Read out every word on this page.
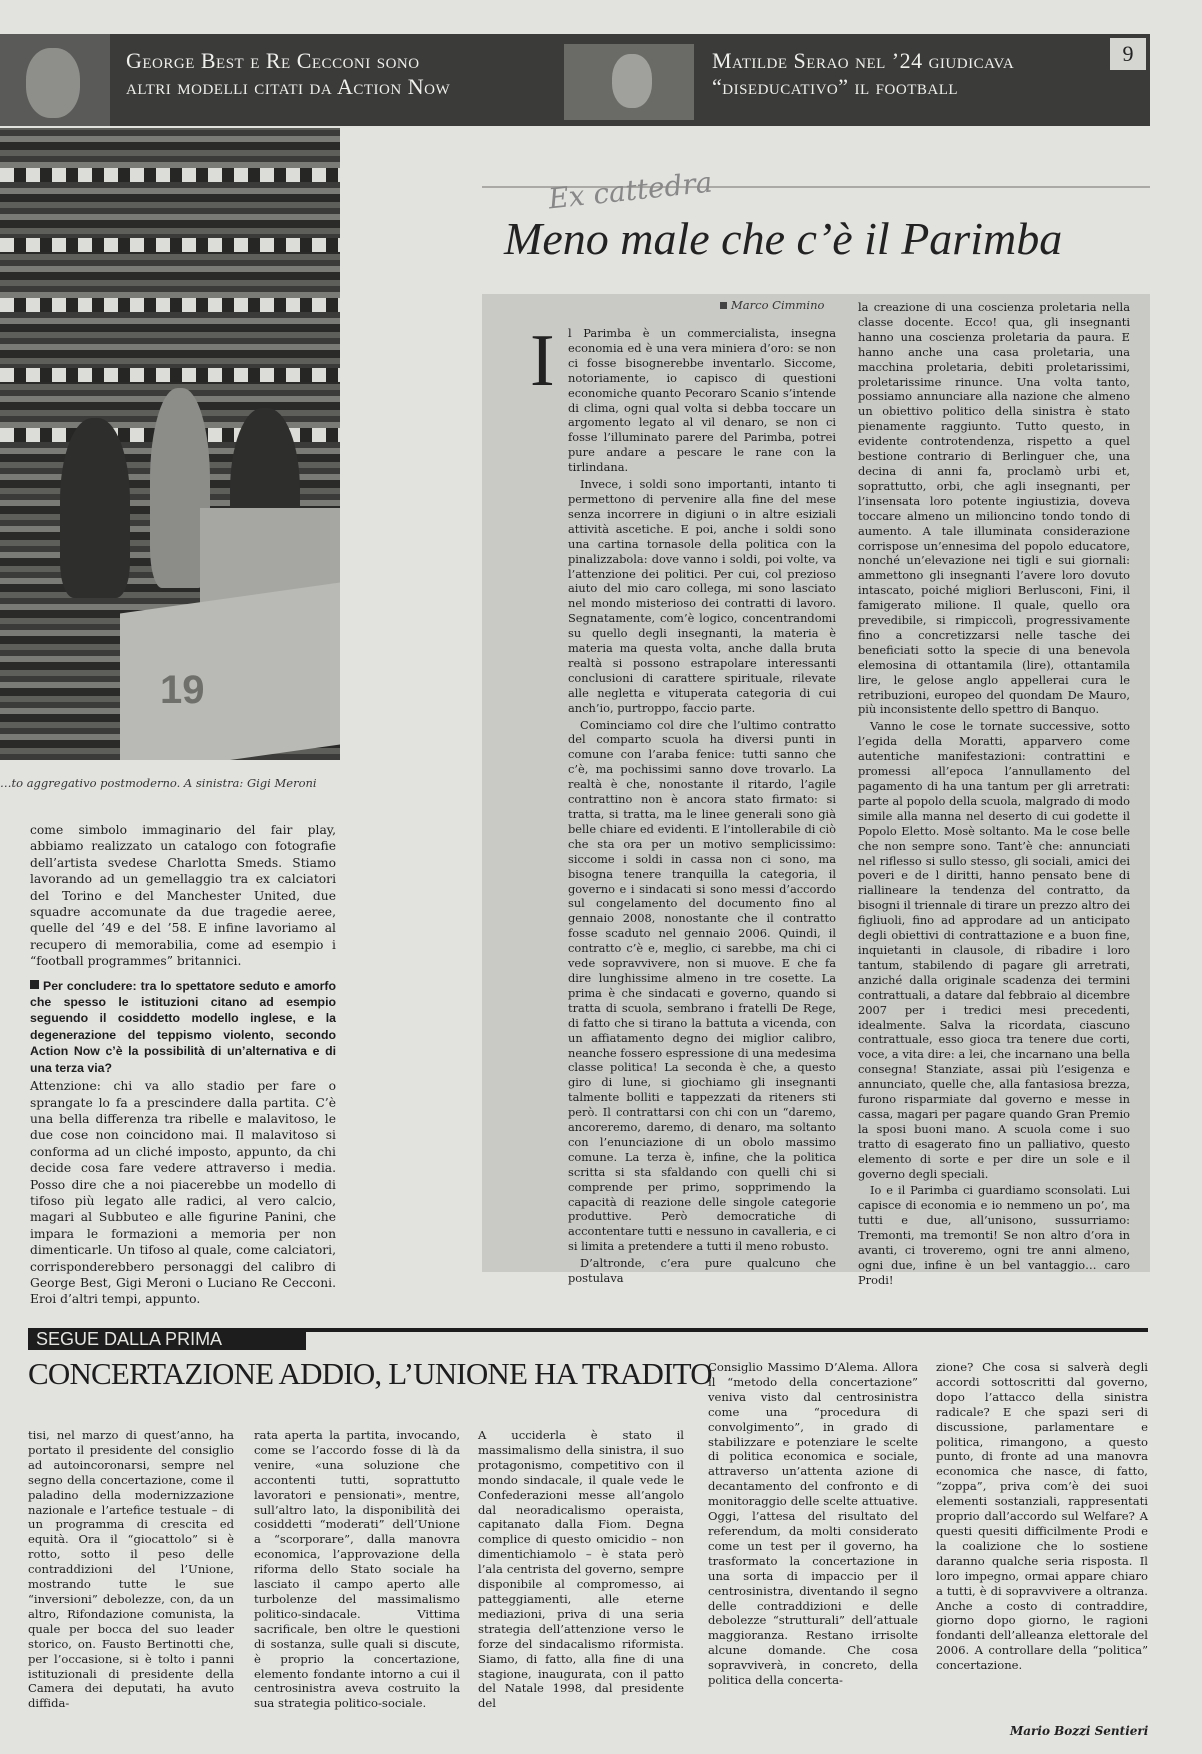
George Best e Re Cecconi sono
altri modelli citati da Action Now
Matilde Serao nel ’24 giudicava
“diseducativo” il football
9
19
…to aggregativo postmoderno. A sinistra: Gigi Meroni

come simbolo immaginario del fair play, abbiamo realizzato un catalogo con fotografie dell’artista svedese Charlotta Smeds. Stiamo lavorando ad un gemellaggio tra ex calciatori del Torino e del Manchester United, due squadre accomunate da due tragedie aeree, quelle del ’49 e del ’58. E infine lavoriamo al recupero di memorabilia, come ad esempio i “football programmes” britannici.

Per concludere: tra lo spettatore seduto e amorfo che spesso le istituzioni citano ad esempio seguendo il cosiddetto modello inglese, e la degenerazione del teppismo violento, secondo Action Now c’è la possibilità di un’alternativa e di una terza via?

Attenzione: chi va allo stadio per fare o sprangate lo fa a prescindere dalla partita. C’è una bella differenza tra ribelle e malavitoso, le due cose non coincidono mai. Il malavitoso si conforma ad un cliché imposto, appunto, da chi decide cosa fare vedere attraverso i media. Posso dire che a noi piacerebbe un modello di tifoso più legato alle radici, al vero calcio, magari al Subbuteo e alle figurine Panini, che impara le formazioni a memoria per non dimenticarle. Un tifoso al quale, come calciatori, corrisponderebbero personaggi del calibro di George Best, Gigi Meroni o Luciano Re Cecconi. Eroi d’altri tempi, appunto.

Ex cattedra
Meno male che c’è il Parimba
Marco Cimmino
I l Parimba è un commercialista, insegna economia ed è una vera miniera d’oro: se non ci fosse bisognerebbe inventarlo. Siccome, notoriamente, io capisco di questioni economiche quanto Pecoraro Scanio s’intende di clima, ogni qual volta si debba toccare un argomento legato al vil denaro, se non ci fosse l’illuminato parere del Parimba, potrei pure andare a pescare le rane con la tirlindana.

Invece, i soldi sono importanti, intanto ti permettono di pervenire alla fine del mese senza incorrere in digiuni o in altre esiziali attività ascetiche. E poi, anche i soldi sono una cartina tornasole della politica con la pinalizzabola: dove vanno i soldi, poi volte, va l’attenzione dei politici. Per cui, col prezioso aiuto del mio caro collega, mi sono lasciato nel mondo misterioso dei contratti di lavoro. Segnatamente, com’è logico, concentrandomi su quello degli insegnanti, la materia è materia ma questa volta, anche dalla bruta realtà si possono estrapolare interessanti conclusioni di carattere spirituale, rilevate alle negletta e vituperata categoria di cui anch’io, purtroppo, faccio parte.

Cominciamo col dire che l’ultimo contratto del comparto scuola ha diversi punti in comune con l’araba fenice: tutti sanno che c’è, ma pochissimi sanno dove trovarlo. La realtà è che, nonostante il ritardo, l’agile contrattino non è ancora stato firmato: si tratta, si tratta, ma le linee generali sono già belle chiare ed evidenti. E l’intollerabile di ciò che sta ora per un motivo semplicissimo: siccome i soldi in cassa non ci sono, ma bisogna tenere tranquilla la categoria, il governo e i sindacati si sono messi d’accordo sul congelamento del documento fino al gennaio 2008, nonostante che il contratto fosse scaduto nel gennaio 2006. Quindi, il contratto c’è e, meglio, ci sarebbe, ma chi ci vede sopravvivere, non si muove. E che fa dire lunghissime almeno in tre cosette. La prima è che sindacati e governo, quando si tratta di scuola, sembrano i fratelli De Rege, di fatto che si tirano la battuta a vicenda, con un affiatamento degno dei miglior calibro, neanche fossero espressione di una medesima classe politica! La seconda è che, a questo giro di lune, si giochiamo gli insegnanti talmente bolliti e tappezzati da riteners sti però. Il contrattarsi con chi con un “daremo, ancoreremo, daremo, di denaro, ma soltanto con l’enunciazione di un obolo massimo comune. La terza è, infine, che la politica scritta si sta sfaldando con quelli chi si comprende per primo, sopprimendo la capacità di reazione delle singole categorie produttive. Però democratiche di accontentare tutti e nessuno in cavalleria, e ci si limita a pretendere a tutti il meno robusto.

D’altronde, c’era pure qualcuno che postulava

la creazione di una coscienza proletaria nella classe docente. Ecco! qua, gli insegnanti hanno una coscienza proletaria da paura. E hanno anche una casa proletaria, una macchina proletaria, debiti proletarissimi, proletarissime rinunce. Una volta tanto, possiamo annunciare alla nazione che almeno un obiettivo politico della sinistra è stato pienamente raggiunto. Tutto questo, in evidente controtendenza, rispetto a quel bestione contrario di Berlinguer che, una decina di anni fa, proclamò urbi et, soprattutto, orbi, che agli insegnanti, per l’insensata loro potente ingiustizia, doveva toccare almeno un milioncino tondo tondo di aumento. A tale illuminata considerazione corrispose un’ennesima del popolo educatore, nonché un’elevazione nei tigli e sui giornali: ammettono gli insegnanti l’avere loro dovuto intascato, poiché migliori Berlusconi, Fini, il famigerato milione. Il quale, quello ora prevedibile, si rimpiccolì, progressivamente fino a concretizzarsi nelle tasche dei beneficiati sotto la specie di una benevola elemosina di ottantamila (lire), ottantamila lire, le gelose anglo appellerai cura le retribuzioni, europeo del quondam De Mauro, più inconsistente dello spettro di Banquo.

Vanno le cose le tornate successive, sotto l’egida della Moratti, apparvero come autentiche manifestazioni: contrattini e promessi all’epoca l’annullamento del pagamento di ha una tantum per gli arretrati: parte al popolo della scuola, malgrado di modo simile alla manna nel deserto di cui godette il Popolo Eletto. Mosè soltanto. Ma le cose belle che non sempre sono. Tant’è che: annunciati nel riflesso si sullo stesso, gli sociali, amici dei poveri e de l diritti, hanno pensato bene di riallineare la tendenza del contratto, da bisogni il triennale di tirare un prezzo altro dei figliuoli, fino ad approdare ad un anticipato degli obiettivi di contrattazione e a buon fine, inquietanti in clausole, di ribadire i loro tantum, stabilendo di pagare gli arretrati, anziché dalla originale scadenza dei termini contrattuali, a datare dal febbraio al dicembre 2007 per i tredici mesi precedenti, idealmente. Salva la ricordata, ciascuno contrattuale, esso gioca tra tenere due corti, voce, a vita dire: a lei, che incarnano una bella consegna! Stanziate, assai più l’esigenza e annunciato, quelle che, alla fantasiosa brezza, furono risparmiate dal governo e messe in cassa, magari per pagare quando Gran Premio la sposi buoni mano. A scuola come i suo tratto di esagerato fino un palliativo, questo elemento di sorte e per dire un sole e il governo degli speciali.

Io e il Parimba ci guardiamo sconsolati. Lui capisce di economia e io nemmeno un po’, ma tutti e due, all’unisono, sussurriamo: Tremonti, ma tremonti! Se non altro d’ora in avanti, ci troveremo, ogni tre anni almeno, ogni due, infine è un bel vantaggio… caro Prodi!

SEGUE DALLA PRIMA
CONCERTAZIONE ADDIO, L’UNIONE HA TRADITO
tisi, nel marzo di quest’anno, ha portato il presidente del consiglio ad autoincoronarsi, sempre nel segno della concertazione, come il paladino della modernizzazione nazionale e l’artefice testuale – di un programma di crescita ed equità. Ora il “giocattolo” si è rotto, sotto il peso delle contraddizioni del l’Unione, mostrando tutte le sue “inversioni” debolezze, con, da un altro, Rifondazione comunista, la quale per bocca del suo leader storico, on. Fausto Bertinotti che, per l’occasione, si è tolto i panni istituzionali di presidente della Camera dei deputati, ha avuto diffida-
rata aperta la partita, invocando, come se l’accordo fosse di là da venire, «una soluzione che accontenti tutti, soprattutto lavoratori e pensionati», mentre, sull’altro lato, la disponibilità dei cosiddetti “moderati” dell’Unione a “scorporare”, dalla manovra economica, l’approvazione della riforma dello Stato sociale ha lasciato il campo aperto alle turbolenze del massimalismo politico-sindacale. Vittima sacrificale, ben oltre le questioni di sostanza, sulle quali si discute, è proprio la concertazione, elemento fondante intorno a cui il centrosinistra aveva costruito la sua strategia politico-sociale.
A ucciderla è stato il massimalismo della sinistra, il suo protagonismo, competitivo con il mondo sindacale, il quale vede le Confederazioni messe all’angolo dal neoradicalismo operaista, capitanato dalla Fiom. Degna complice di questo omicidio – non dimentichiamolo – è stata però l’ala centrista del governo, sempre disponibile al compromesso, ai patteggiamenti, alle eterne mediazioni, priva di una seria strategia dell’attenzione verso le forze del sindacalismo riformista. Siamo, di fatto, alla fine di una stagione, inaugurata, con il patto del Natale 1998, dal presidente del
Consiglio Massimo D’Alema. Allora il “metodo della concertazione” veniva visto dal centrosinistra come una “procedura di convolgimento”, in grado di stabilizzare e potenziare le scelte di politica economica e sociale, attraverso un’attenta azione di decantamento del confronto e di monitoraggio delle scelte attuative. Oggi, l’attesa del risultato del referendum, da molti considerato come un test per il governo, ha trasformato la concertazione in una sorta di impaccio per il centrosinistra, diventando il segno delle contraddizioni e delle debolezze “strutturali” dell’attuale maggioranza. Restano irrisolte alcune domande. Che cosa sopravviverà, in concreto, della politica della concerta-
zione? Che cosa si salverà degli accordi sottoscritti dal governo, dopo l’attacco della sinistra radicale? E che spazi seri di discussione, parlamentare e politica, rimangono, a questo punto, di fronte ad una manovra economica che nasce, di fatto, “zoppa”, priva com’è dei suoi elementi sostanziali, rappresentati proprio dall’accordo sul Welfare? A questi quesiti difficilmente Prodi e la coalizione che lo sostiene daranno qualche seria risposta. Il loro impegno, ormai appare chiaro a tutti, è di sopravvivere a oltranza. Anche a costo di contraddire, giorno dopo giorno, le ragioni fondanti dell’alleanza elettorale del 2006. A controllare della “politica” concertazione.
Mario Bozzi Sentieri
